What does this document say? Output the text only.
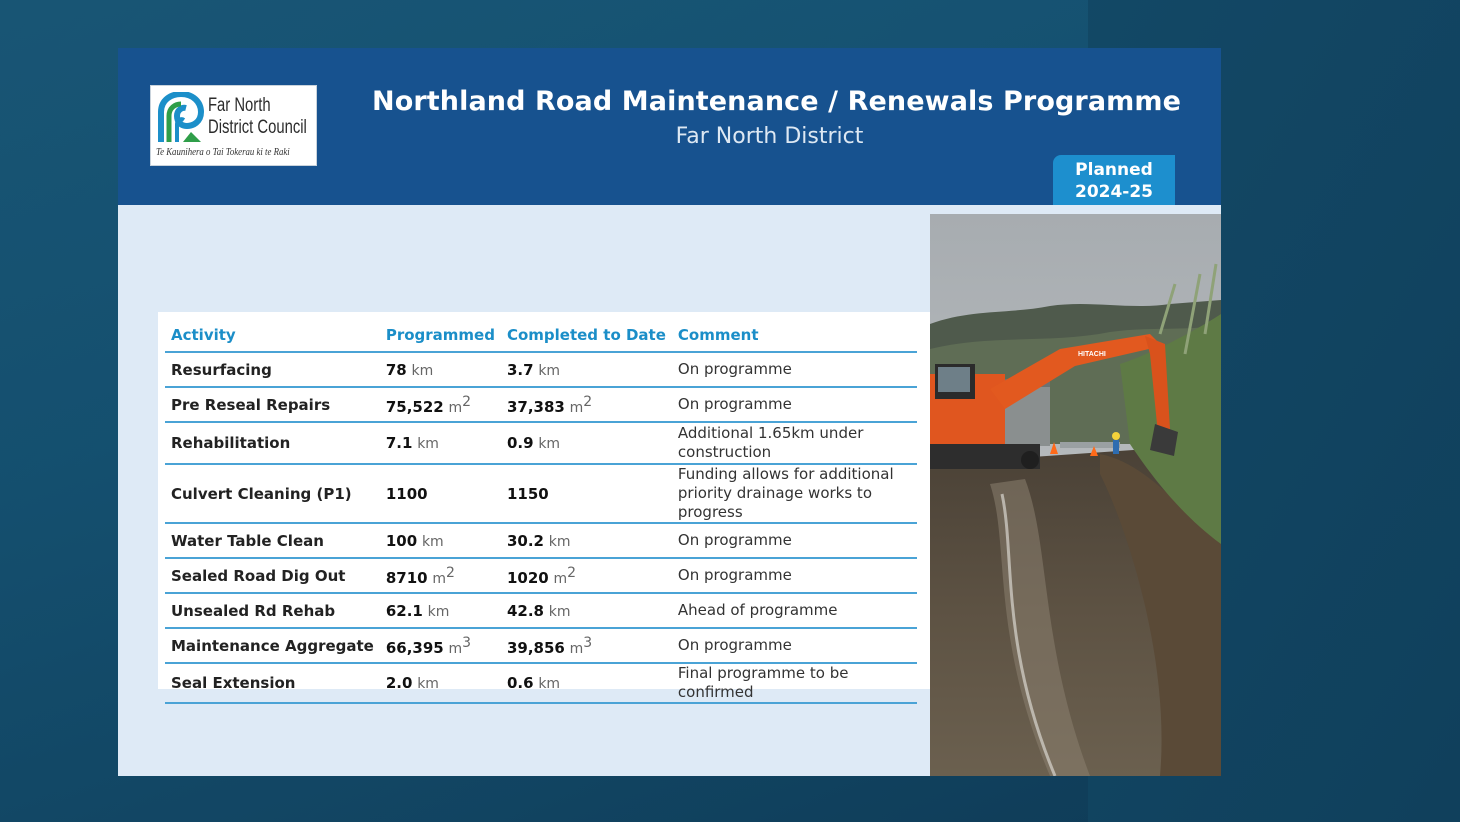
Far North
District Council
Te Kaunihera o Tai Tokerau ki te Raki
Northland Road Maintenance / Renewals Programme
Far North District
Planned
2024-25
Activity	Programmed	Completed to Date	Comment
Resurfacing	78 km	3.7 km	On programme
Pre Reseal Repairs	75,522 $m^2$	37,383 $m^2$	On programme
Rehabilitation	7.1 km	0.9 km	Additional 1.65km under construction
Culvert Cleaning (P1)	1100	1150	Funding allows for additional priority drainage works to progress
Water Table Clean	100 km	30.2 km	On programme
Sealed Road Dig Out	8710 $m^2$	1020 $m^2$	On programme
Unsealed Rd Rehab	62.1 km	42.8 km	Ahead of programme
Maintenance Aggregate	66,395 $m^3$	39,856 $m^3$	On programme
Seal Extension	2.0 km	0.6 km	Final programme to be confirmed
HITACHI
